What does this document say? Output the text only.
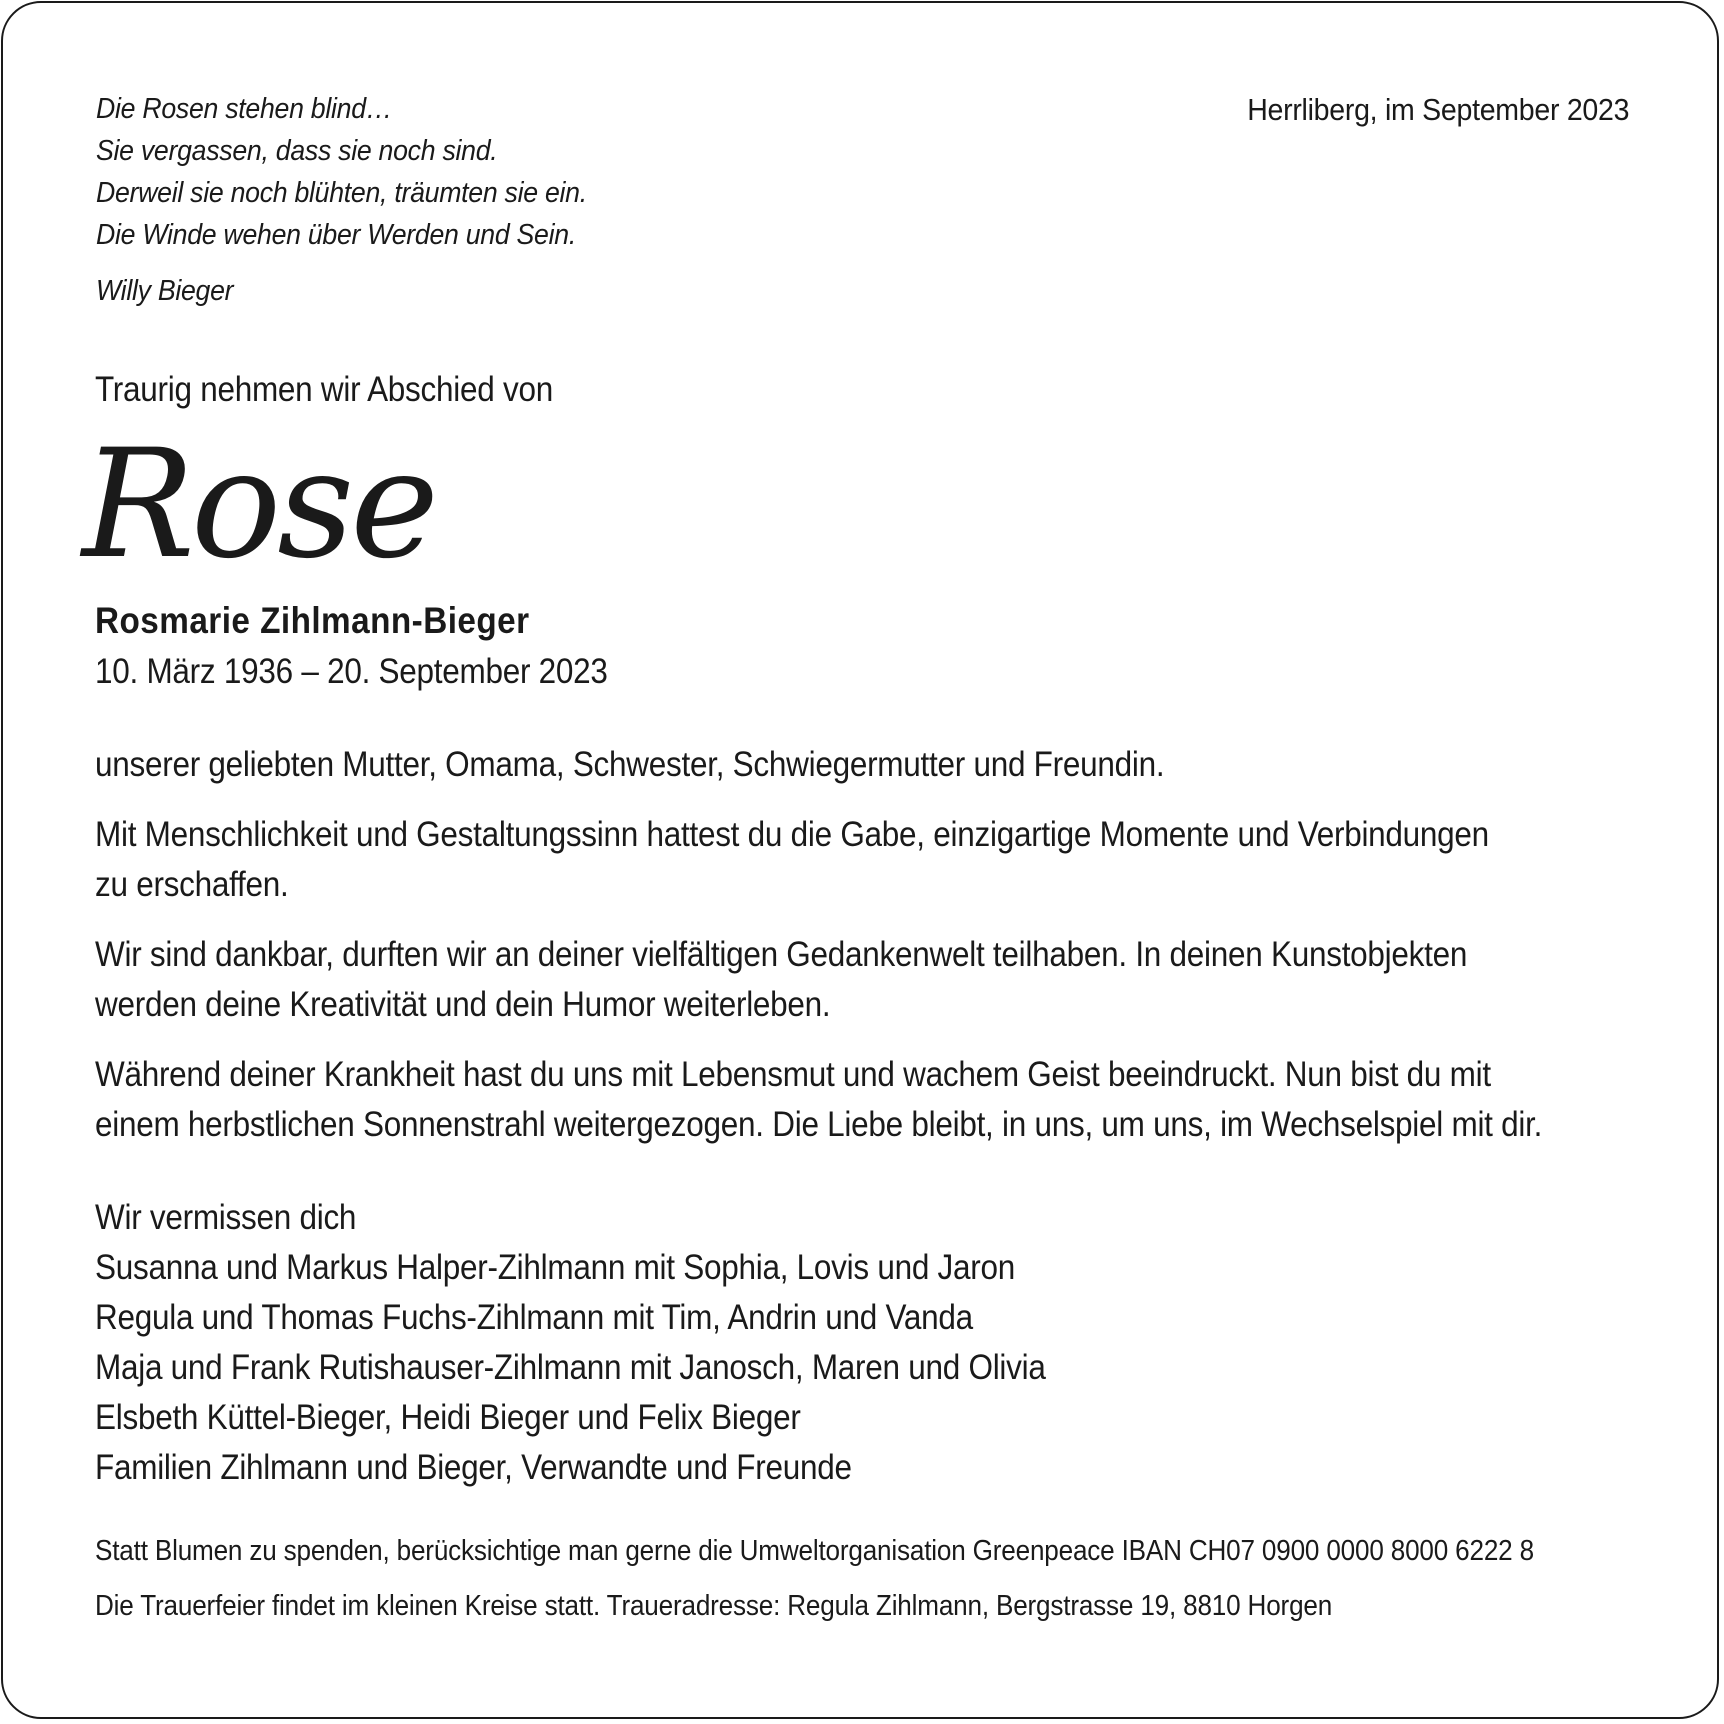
Die Rosen stehen blind…
Sie vergassen, dass sie noch sind.
Derweil sie noch blühten, träumten sie ein.
Die Winde wehen über Werden und Sein.
Willy Bieger
Herrliberg, im September 2023
Traurig nehmen wir Abschied von
Rose
Rosmarie Zihlmann-Bieger
10. März 1936 – 20. September 2023
unserer geliebten Mutter, Omama, Schwester, Schwiegermutter und Freundin.
Mit Menschlichkeit und Gestaltungssinn hattest du die Gabe, einzigartige Momente und Verbindungen
zu erschaffen.
Wir sind dankbar, durften wir an deiner vielfältigen Gedankenwelt teilhaben. In deinen Kunstobjekten
werden deine Kreativität und dein Humor weiterleben.
Während deiner Krankheit hast du uns mit Lebensmut und wachem Geist beeindruckt. Nun bist du mit
einem herbstlichen Sonnenstrahl weitergezogen. Die Liebe bleibt, in uns, um uns, im Wechselspiel mit dir.
Wir vermissen dich
Susanna und Markus Halper-Zihlmann mit Sophia, Lovis und Jaron
Regula und Thomas Fuchs-Zihlmann mit Tim, Andrin und Vanda
Maja und Frank Rutishauser-Zihlmann mit Janosch, Maren und Olivia
Elsbeth Küttel-Bieger, Heidi Bieger und Felix Bieger
Familien Zihlmann und Bieger, Verwandte und Freunde
Statt Blumen zu spenden, berücksichtige man gerne die Umweltorganisation Greenpeace IBAN CH07 0900 0000 8000 6222 8
Die Trauerfeier findet im kleinen Kreise statt. Traueradresse: Regula Zihlmann, Bergstrasse 19, 8810 Horgen
